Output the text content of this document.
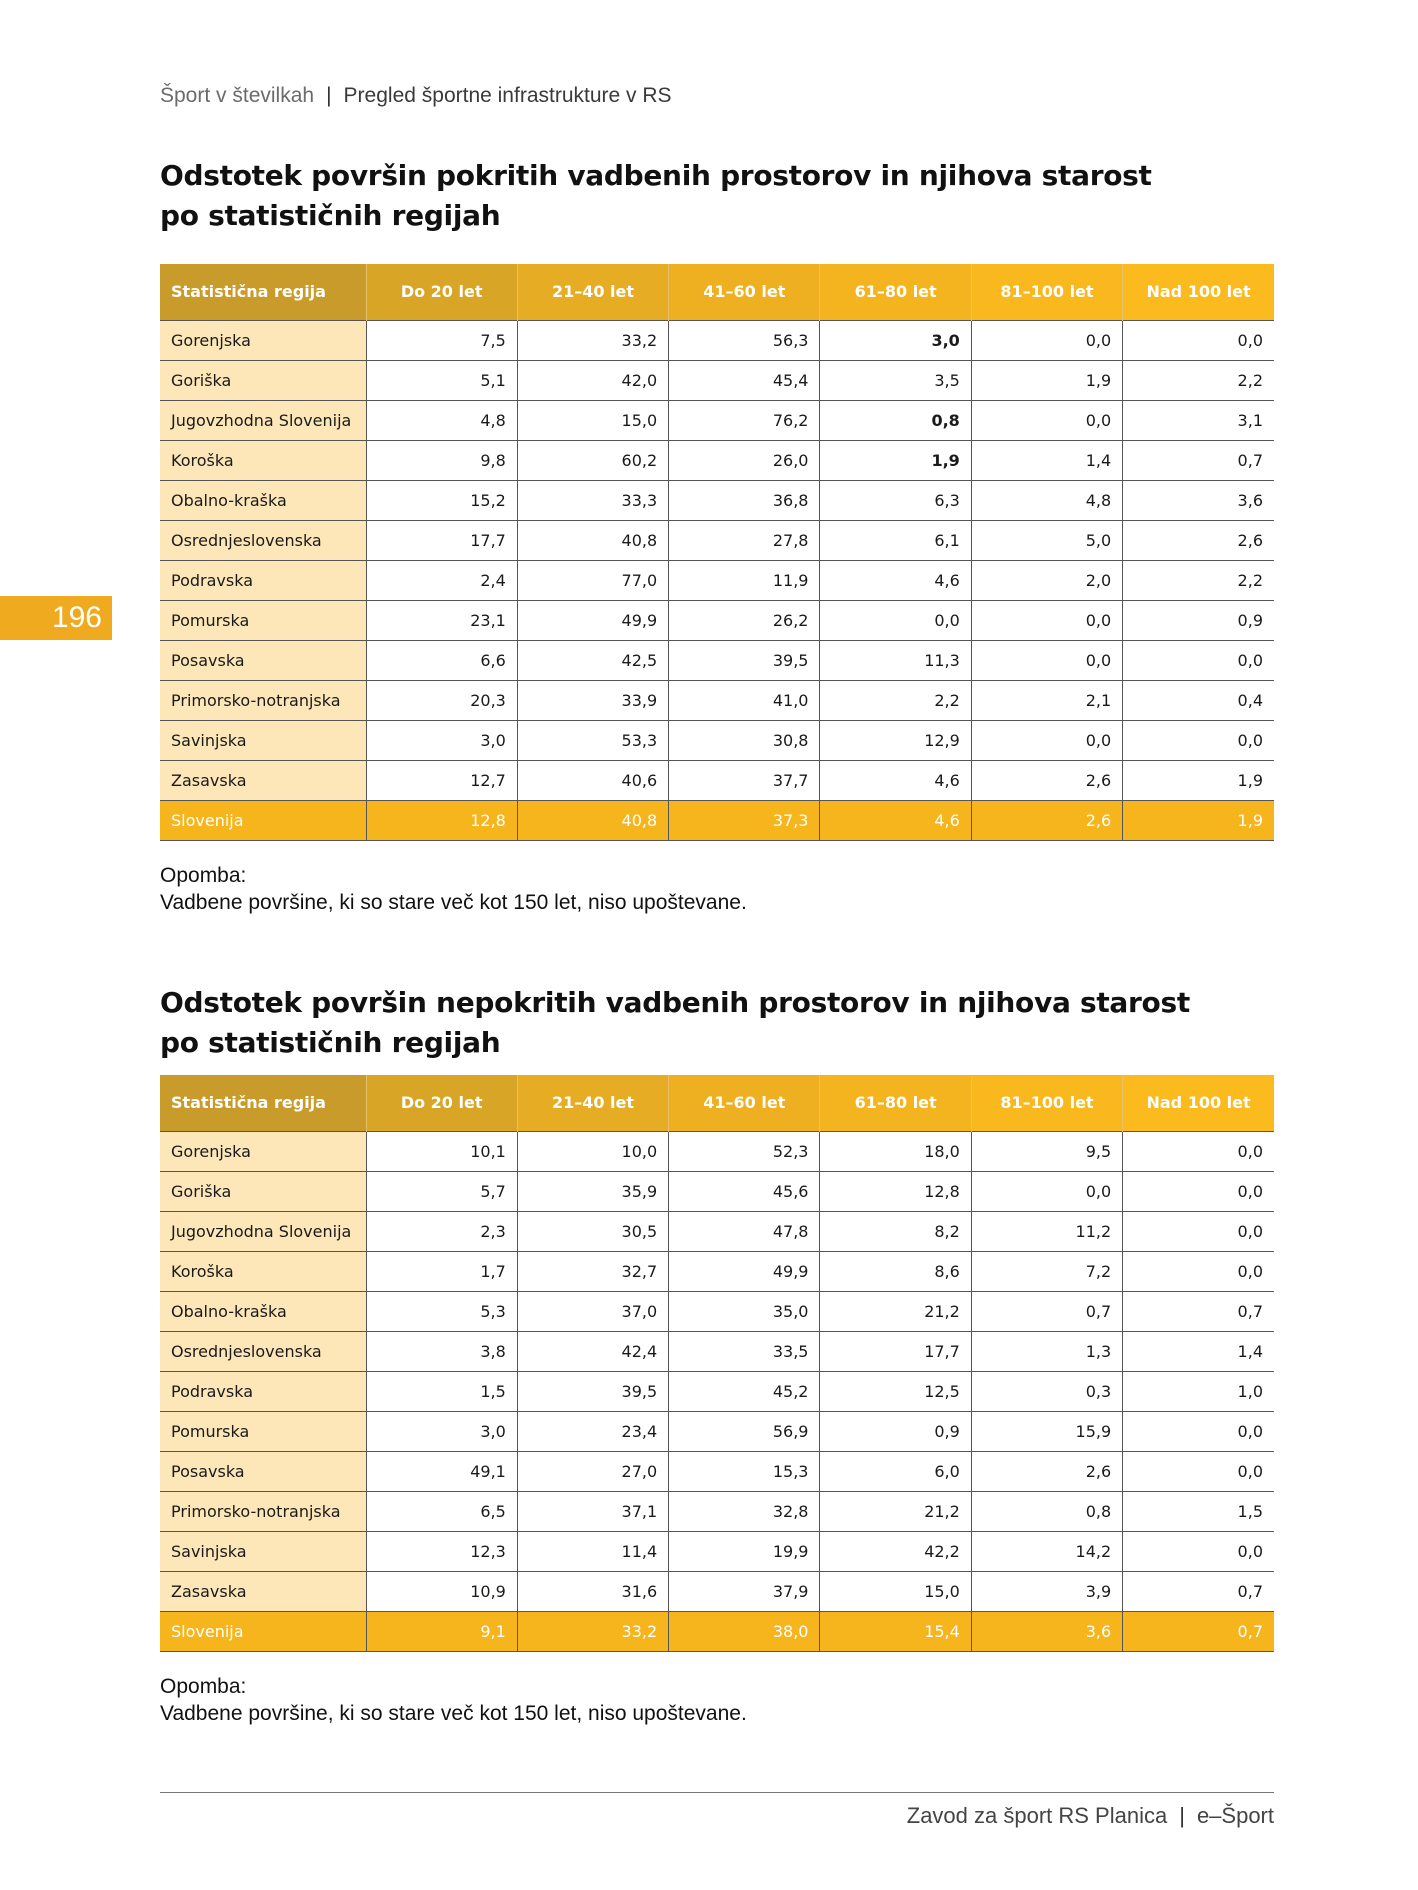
Šport v številkah | Pregled športne infrastrukture v RS
196
Odstotek površin pokritih vadbenih prostorov in njihova starost
po statističnih regijah
Statistična regija	Do 20 let	21–40 let	41–60 let	61–80 let	81–100 let	Nad 100 let
Gorenjska	7,5	33,2	56,3	3,0	0,0	0,0
Goriška	5,1	42,0	45,4	3,5	1,9	2,2
Jugovzhodna Slovenija	4,8	15,0	76,2	0,8	0,0	3,1
Koroška	9,8	60,2	26,0	1,9	1,4	0,7
Obalno-kraška	15,2	33,3	36,8	6,3	4,8	3,6
Osrednjeslovenska	17,7	40,8	27,8	6,1	5,0	2,6
Podravska	2,4	77,0	11,9	4,6	2,0	2,2
Pomurska	23,1	49,9	26,2	0,0	0,0	0,9
Posavska	6,6	42,5	39,5	11,3	0,0	0,0
Primorsko-notranjska	20,3	33,9	41,0	2,2	2,1	0,4
Savinjska	3,0	53,3	30,8	12,9	0,0	0,0
Zasavska	12,7	40,6	37,7	4,6	2,6	1,9
Slovenija	12,8	40,8	37,3	4,6	2,6	1,9
Opomba:
Vadbene površine, ki so stare več kot 150 let, niso upoštevane.
Odstotek površin nepokritih vadbenih prostorov in njihova starost
po statističnih regijah
Statistična regija	Do 20 let	21–40 let	41–60 let	61–80 let	81–100 let	Nad 100 let
Gorenjska	10,1	10,0	52,3	18,0	9,5	0,0
Goriška	5,7	35,9	45,6	12,8	0,0	0,0
Jugovzhodna Slovenija	2,3	30,5	47,8	8,2	11,2	0,0
Koroška	1,7	32,7	49,9	8,6	7,2	0,0
Obalno-kraška	5,3	37,0	35,0	21,2	0,7	0,7
Osrednjeslovenska	3,8	42,4	33,5	17,7	1,3	1,4
Podravska	1,5	39,5	45,2	12,5	0,3	1,0
Pomurska	3,0	23,4	56,9	0,9	15,9	0,0
Posavska	49,1	27,0	15,3	6,0	2,6	0,0
Primorsko-notranjska	6,5	37,1	32,8	21,2	0,8	1,5
Savinjska	12,3	11,4	19,9	42,2	14,2	0,0
Zasavska	10,9	31,6	37,9	15,0	3,9	0,7
Slovenija	9,1	33,2	38,0	15,4	3,6	0,7
Opomba:
Vadbene površine, ki so stare več kot 150 let, niso upoštevane.
Zavod za šport RS Planica | e–Šport
